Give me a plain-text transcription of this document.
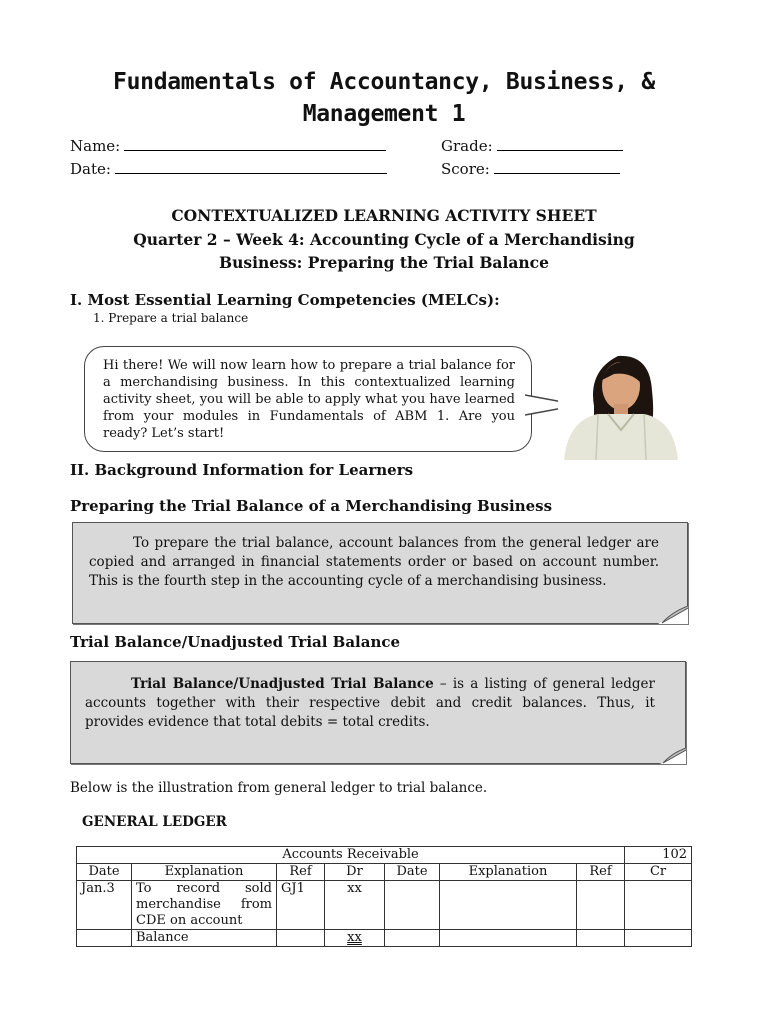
Fundamentals of Accountancy, Business, &
Management 1
Name:	Grade:
Date:	Score:
CONTEXTUALIZED LEARNING ACTIVITY SHEET
Quarter 2 – Week 4: Accounting Cycle of a Merchandising
Business: Preparing the Trial Balance
I. Most Essential Learning Competencies (MELCs):
1. Prepare a trial balance
Hi there! We will now learn how to prepare a trial balance for a merchandising business. In this contextualized learning activity sheet, you will be able to apply what you have learned from your modules in Fundamentals of ABM 1. Are you ready? Let’s start!
II. Background Information for Learners
Preparing the Trial Balance of a Merchandising Business
To prepare the trial balance, account balances from the general ledger are copied and arranged in financial statements order or based on account number. This is the fourth step in the accounting cycle of a merchandising business.
Trial Balance/Unadjusted Trial Balance
Trial Balance/Unadjusted Trial Balance – is a listing of general ledger accounts together with their respective debit and credit balances. Thus, it provides evidence that total debits = total credits.
Below is the illustration from general ledger to trial balance.
GENERAL LEDGER
Accounts Receivable							102
Date	Explanation	Ref	Dr	Date	Explanation	Ref	Cr
Jan.3	To record sold merchandise from CDE on account	GJ1	xx				
	Balance		xx				
